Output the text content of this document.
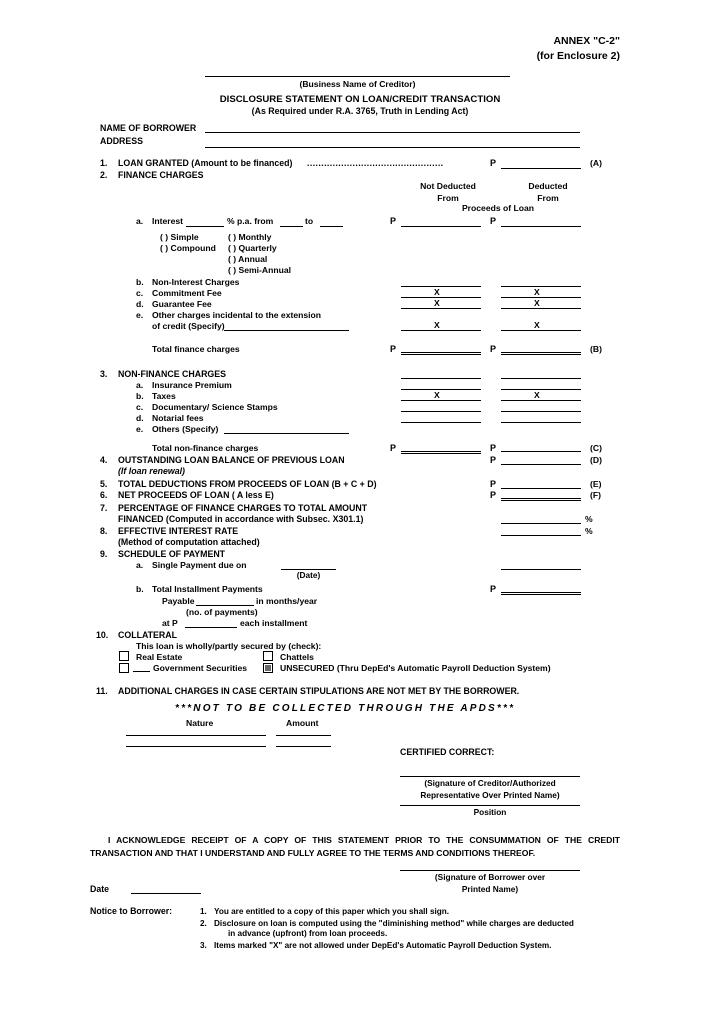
ANNEX "C-2"
(for Enclosure 2)
(Business Name of Creditor)
DISCLOSURE STATEMENT ON LOAN/CREDIT TRANSACTION
(As Required under R.A. 3765, Truth in Lending Act)
NAME OF BORROWER
ADDRESS
1. LOAN GRANTED (Amount to be financed) ................................................	P	(A)
2. FINANCE CHARGES
Not Deducted
From
Deducted
From
Proceeds of Loan
a. Interest	% p.a. from	to	P	P
( ) Simple
( ) Compound
( ) Monthly
( ) Quarterly
( ) Annual
( ) Semi-Annual
b. Non-Interest Charges
c. Commitment Fee	X	X
d. Guarantee Fee	X	X
e. Other charges incidental to the extension
of credit (Specify)	X	X
Total finance charges	P	P	(B)
3. NON-FINANCE CHARGES
a. Insurance Premium
b. Taxes	X	X
c. Documentary/ Science Stamps
d. Notarial fees
e. Others (Specify)
Total non-finance charges	P	P	(C)
4. OUTSTANDING LOAN BALANCE OF PREVIOUS LOAN	P	(D)
(If loan renewal)
5. TOTAL DEDUCTIONS FROM PROCEEDS OF LOAN (B + C + D)	P	(E)
6. NET PROCEEDS OF LOAN ( A less E)	P	(F)
7. PERCENTAGE OF FINANCE CHARGES TO TOTAL AMOUNT
FINANCED (Computed in accordance with Subsec. X301.1)	%
8. EFFECTIVE INTEREST RATE	%
(Method of computation attached)
9. SCHEDULE OF PAYMENT
a. Single Payment due on
(Date)
b. Total Installment Payments	P
Payable	in months/year
(no. of payments)
at P	each installment
10. COLLATERAL
This loan is wholly/partly secured by (check):
Real Estate	Chattels
Government Securities	UNSECURED (Thru DepEd's Automatic Payroll Deduction System)
11. ADDITIONAL CHARGES IN CASE CERTAIN STIPULATIONS ARE NOT MET BY THE BORROWER.
***NOT TO BE COLLECTED THROUGH THE APDS***
Nature	Amount
CERTIFIED CORRECT:
(Signature of Creditor/Authorized
Representative Over Printed Name)
Position
I ACKNOWLEDGE RECEIPT OF A COPY OF THIS STATEMENT PRIOR TO THE CONSUMMATION OF THE CREDIT TRANSACTION AND THAT I UNDERSTAND AND FULLY AGREE TO THE TERMS AND CONDITIONS THEREOF.
(Signature of Borrower over
Printed Name)
Date
Notice to Borrower:	1. You are entitled to a copy of this paper which you shall sign.
2. Disclosure on loan is computed using the "diminishing method" while charges are deducted
in advance (upfront) from loan proceeds.
3. Items marked "X" are not allowed under DepEd's Automatic Payroll Deduction System.
